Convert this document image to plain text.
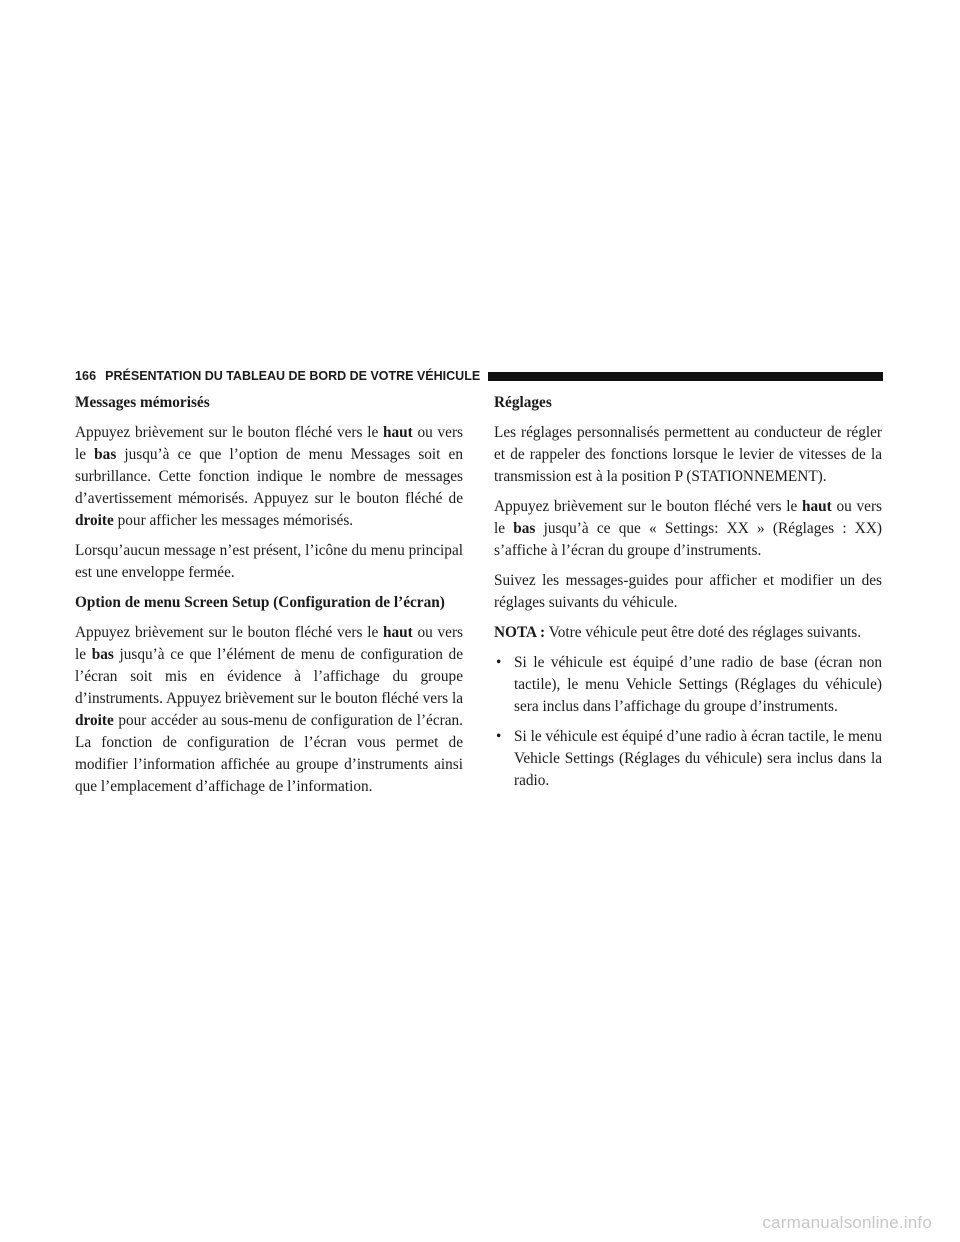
166 PRÉSENTATION DU TABLEAU DE BORD DE VOTRE VÉHICULE
Messages mémorisés

Appuyez brièvement sur le bouton fléché vers le haut ou vers le bas jusqu’à ce que l’option de menu Messages soit en surbrillance. Cette fonction indique le nombre de messages d’avertissement mémorisés. Appuyez sur le bouton fléché de droite pour afficher les messages mémorisés.

Lorsqu’aucun message n’est présent, l’icône du menu principal est une enveloppe fermée.

Option de menu Screen Setup (Configuration de l’écran)

Appuyez brièvement sur le bouton fléché vers le haut ou vers le bas jusqu’à ce que l’élément de menu de configuration de l’écran soit mis en évidence à l’affichage du groupe d’instruments. Appuyez brièvement sur le bouton fléché vers la droite pour accéder au sous-menu de configuration de l’écran. La fonction de configuration de l’écran vous permet de modifier l’information affichée au groupe d’instruments ainsi que l’emplacement d’affichage de l’information.

Réglages

Les réglages personnalisés permettent au conducteur de régler et de rappeler des fonctions lorsque le levier de vitesses de la transmission est à la position P (STATIONNEMENT).

Appuyez brièvement sur le bouton fléché vers le haut ou vers le bas jusqu’à ce que « Settings: XX » (Réglages : XX) s’affiche à l’écran du groupe d’instruments.

Suivez les messages-guides pour afficher et modifier un des réglages suivants du véhicule.

NOTA : Votre véhicule peut être doté des réglages suivants.

• Si le véhicule est équipé d’une radio de base (écran non tactile), le menu Vehicle Settings (Réglages du véhicule) sera inclus dans l’affichage du groupe d’instruments.
• Si le véhicule est équipé d’une radio à écran tactile, le menu Vehicle Settings (Réglages du véhicule) sera inclus dans la radio.
carmanualsonline.info
